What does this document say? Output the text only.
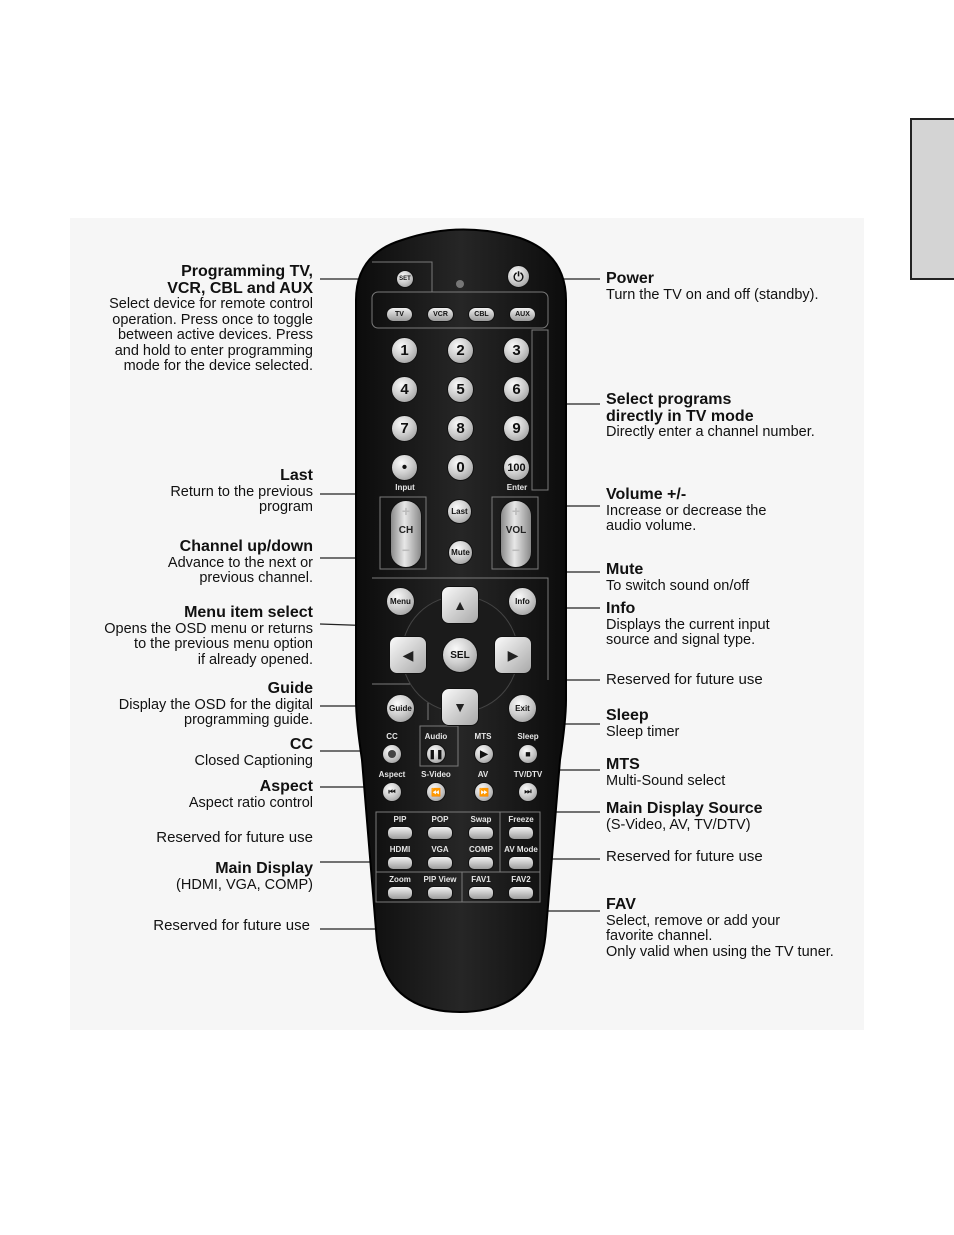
SET	⏻
TV	VCR	CBL	AUX
1	2	3
4	5	6
7	8	9
•	0	100
Input	Enter
Last
+
CH
−
+
VOL
−
Mute
Menu	Info
▲
▼
◀	▶
SEL
Guide	Exit
Audio	MTS	Sleep
CC
❚❚	▶	■
Aspect	S-Video	AV	TV/DTV
⏮	⏪	⏩	⏭
PIP	POP	Swap	Freeze
HDMI	VGA	COMP	AV Mode
Zoom	PIP View	FAV1	FAV2
Programming TV,
VCR, CBL and AUX
Select device for remote control
operation. Press once to toggle
between active devices. Press
and hold to enter programming
mode for the device selected.
Last
Return to the previous
program
Channel up/down
Advance to the next or
previous channel.
Menu item select
Opens the OSD menu or returns
to the previous menu option
if already opened.
Guide
Display the OSD for the digital
programming guide.
CC
Closed Captioning
Aspect
Aspect ratio control
Reserved for future use
Main Display
(HDMI, VGA, COMP)
Reserved for future use
Power
Turn the TV on and off (standby).
Select programs
directly in TV mode
Directly enter a channel number.
Volume +/-
Increase or decrease the
audio volume.
Mute
To switch sound on/off
Info
Displays the current input
source and signal type.
Reserved for future use
Sleep
Sleep timer
MTS
Multi-Sound select
Main Display Source
(S-Video, AV, TV/DTV)
Reserved for future use
FAV
Select, remove or add your
favorite channel.
Only valid when using the TV tuner.
